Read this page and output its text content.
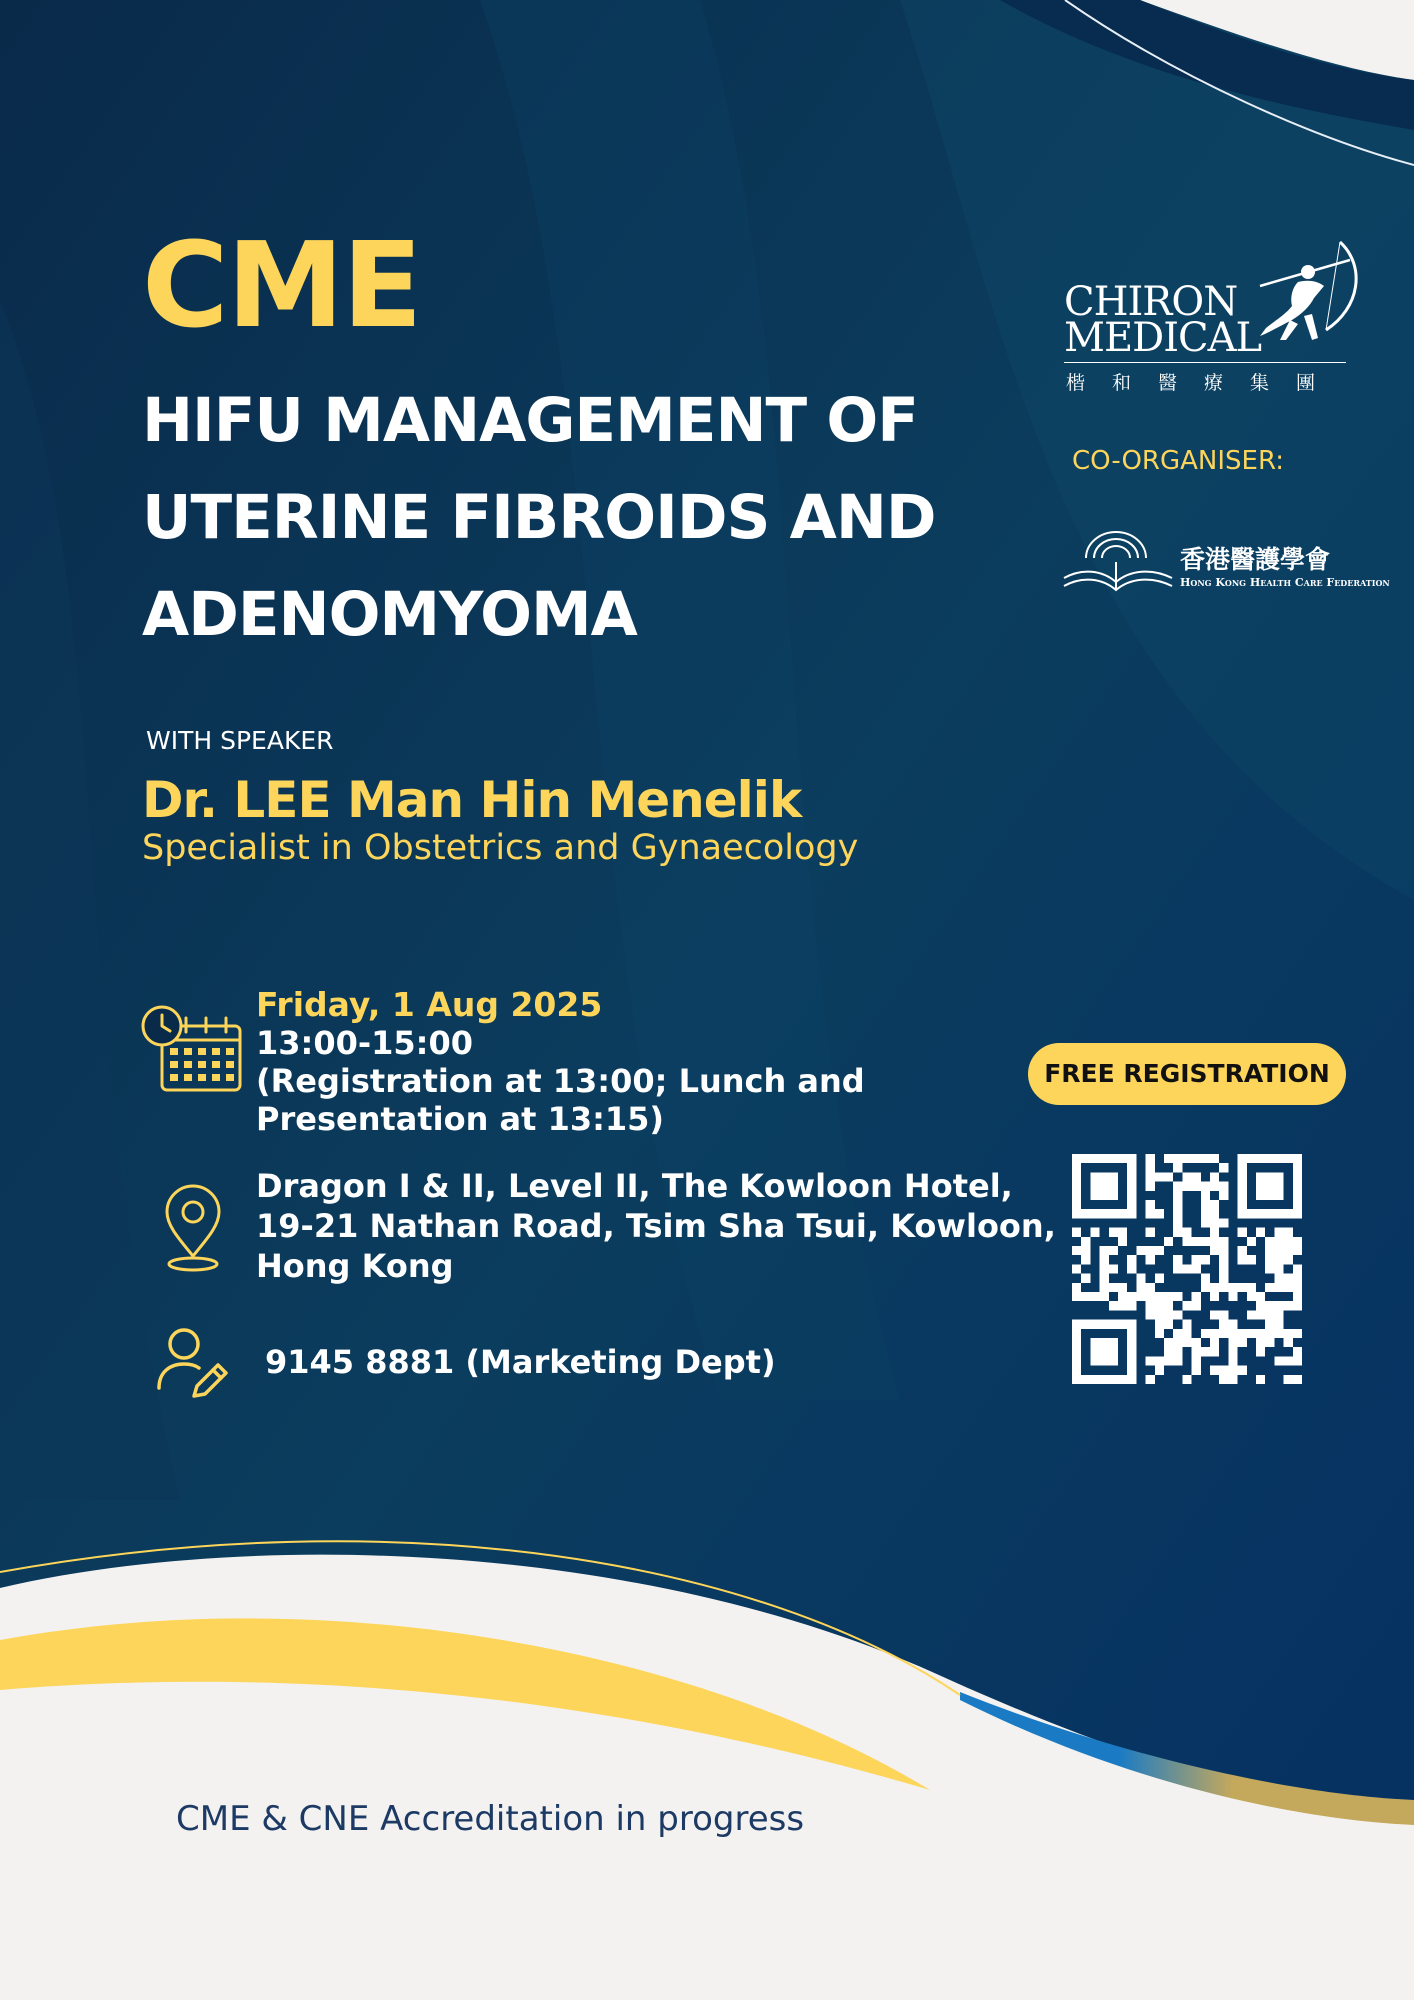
CME
HIFU MANAGEMENT OF
UTERINE FIBROIDS AND
ADENOMYOMA
WITH SPEAKER
Dr. LEE Man Hin Menelik
Specialist in Obstetrics and Gynaecology
Friday, 1 Aug 2025
13:00-15:00
(Registration at 13:00; Lunch and Presentation at 13:15)
Dragon I & II, Level II, The Kowloon Hotel,
19-21 Nathan Road, Tsim Sha Tsui, Kowloon,
Hong Kong
9145 8881 (Marketing Dept)
CHIRON
MEDICAL
楷和醫療集團
CO-ORGANISER:
香港醫護學會
Hong Kong Health Care Federation
FREE REGISTRATION
CME & CNE Accreditation in progress
